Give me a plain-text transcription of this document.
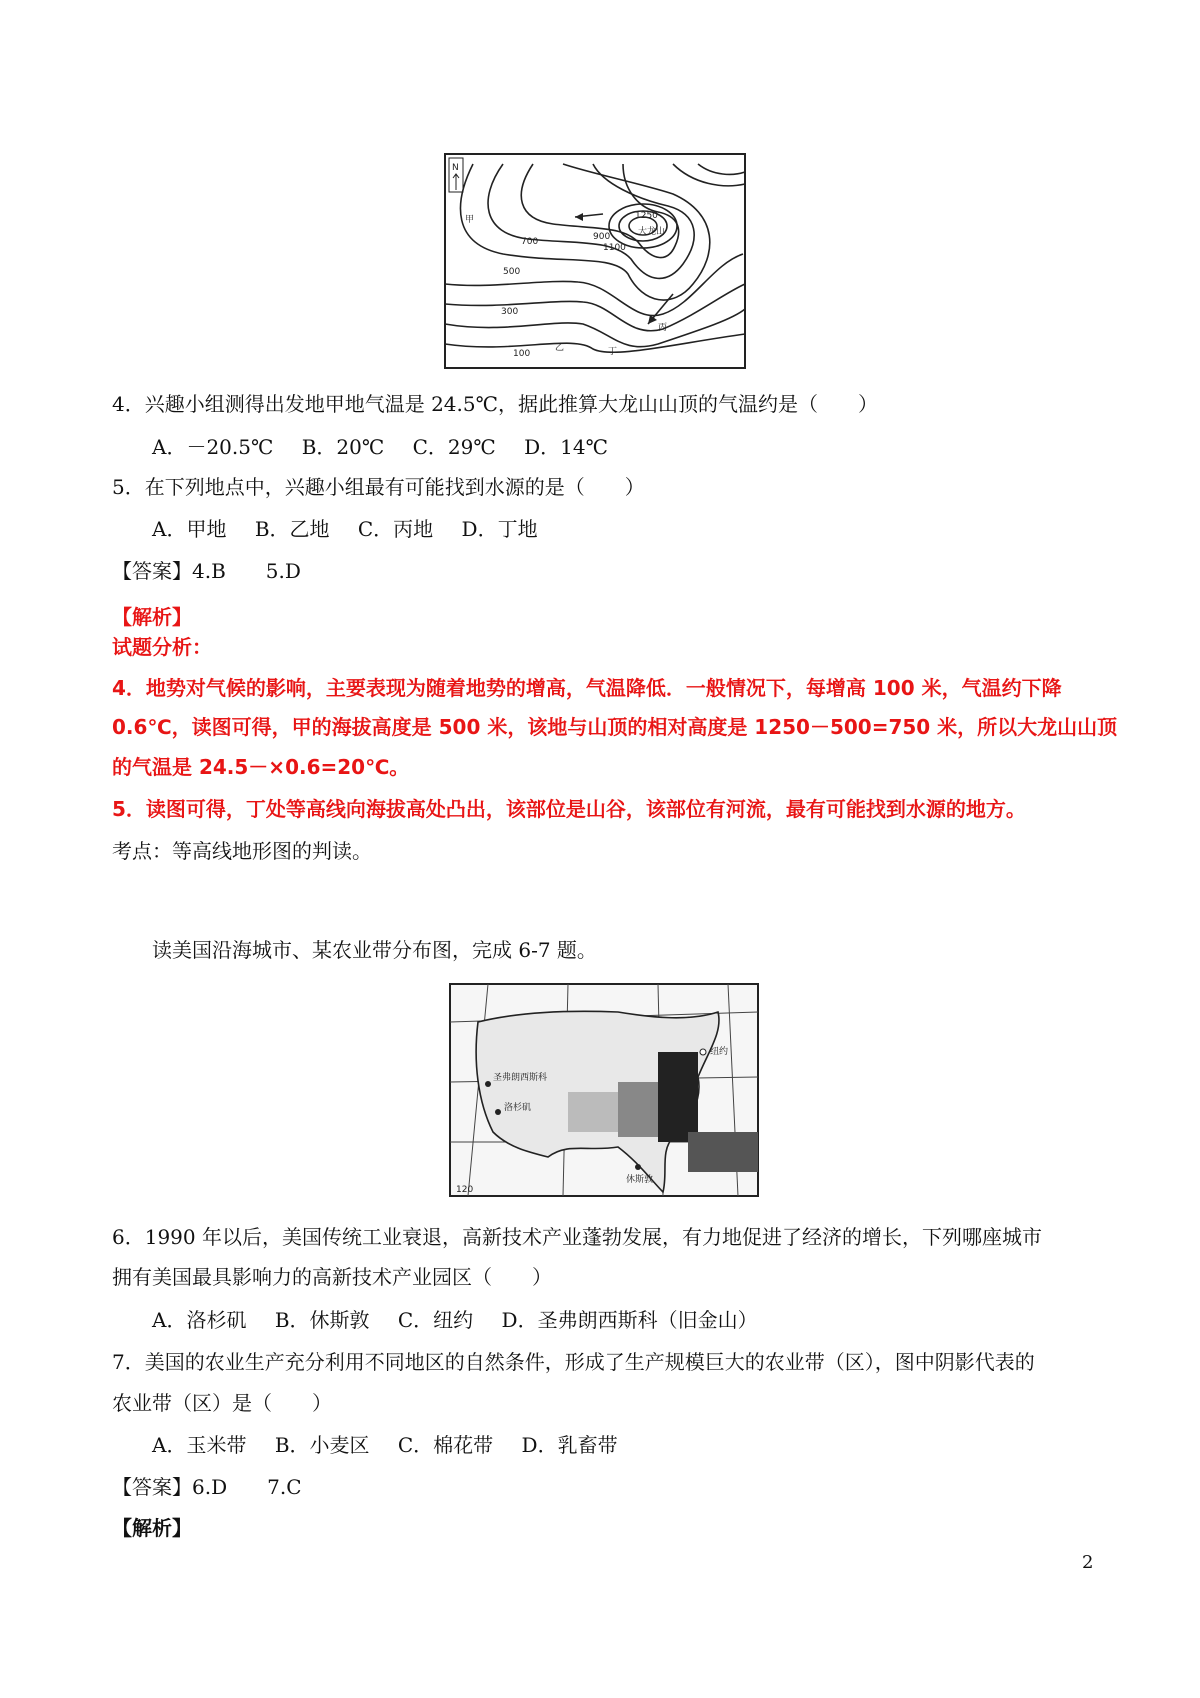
N
1250
大龙山
1100
900
700
500
300
100
甲
乙
丙
丁
4．兴趣小组测得出发地甲地气温是 24.5℃，据此推算大龙山山顶的气温约是（　　）
A．－20.5℃ B．20℃ C．29℃ D．14℃
5．在下列地点中，兴趣小组最有可能找到水源的是（　　）
A．甲地 B．乙地 C．丙地 D．丁地
【答案】4.B　　5.D
【解析】
试题分析：
4．地势对气候的影响，主要表现为随着地势的增高，气温降低．一般情况下，每增高 100 米，气温约下降
0.6℃，读图可得，甲的海拔高度是 500 米，该地与山顶的相对高度是 1250－500=750 米，所以大龙山山顶
的气温是 24.5－×0.6=20℃。
5．读图可得，丁处等高线向海拔高处凸出，该部位是山谷，该部位有河流，最有可能找到水源的地方。
考点：等高线地形图的判读。
读美国沿海城市、某农业带分布图，完成 6-7 题。
圣弗朗西斯科
洛杉矶
纽约
休斯敦
120
6．1990 年以后，美国传统工业衰退，高新技术产业蓬勃发展，有力地促进了经济的增长，下列哪座城市
拥有美国最具影响力的高新技术产业园区（　　）
A．洛杉矶 B．休斯敦 C．纽约 D．圣弗朗西斯科（旧金山）
7．美国的农业生产充分利用不同地区的自然条件，形成了生产规模巨大的农业带（区），图中阴影代表的
农业带（区）是（　　）
A．玉米带 B．小麦区 C．棉花带 D．乳畜带
【答案】6.D　　7.C
【解析】
2
